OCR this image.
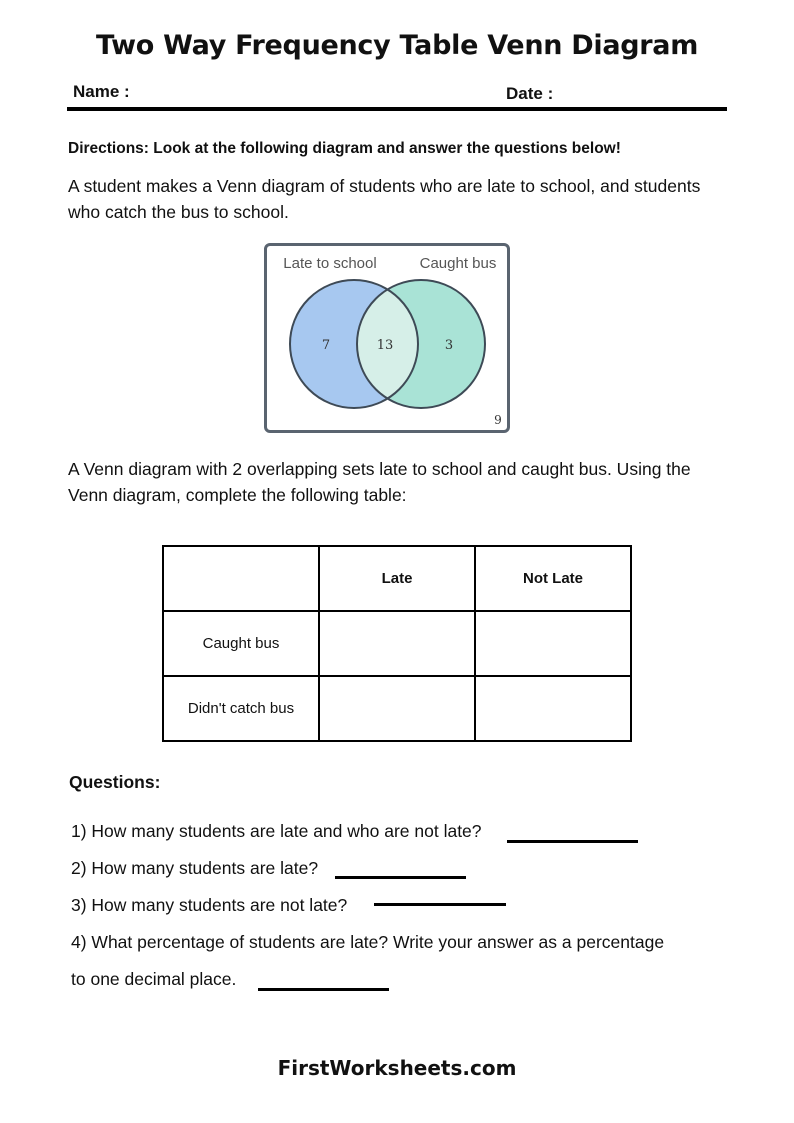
Two Way Frequency Table Venn Diagram
Name :	Date :
Directions: Look at the following diagram and answer the questions below!
A student makes a Venn diagram of students who are late to school, and students who catch the bus to school.
Late to school	Caught bus
7	13	3
9
A Venn diagram with 2 overlapping sets late to school and caught bus. Using the Venn diagram, complete the following table:
	Late	Not Late
Caught bus		
Didn't catch bus		
Questions:
1) How many students are late and who are not late?
2) How many students are late?
3) How many students are not late?
4) What percentage of students are late? Write your answer as a percentage
to one decimal place.
FirstWorksheets.com
